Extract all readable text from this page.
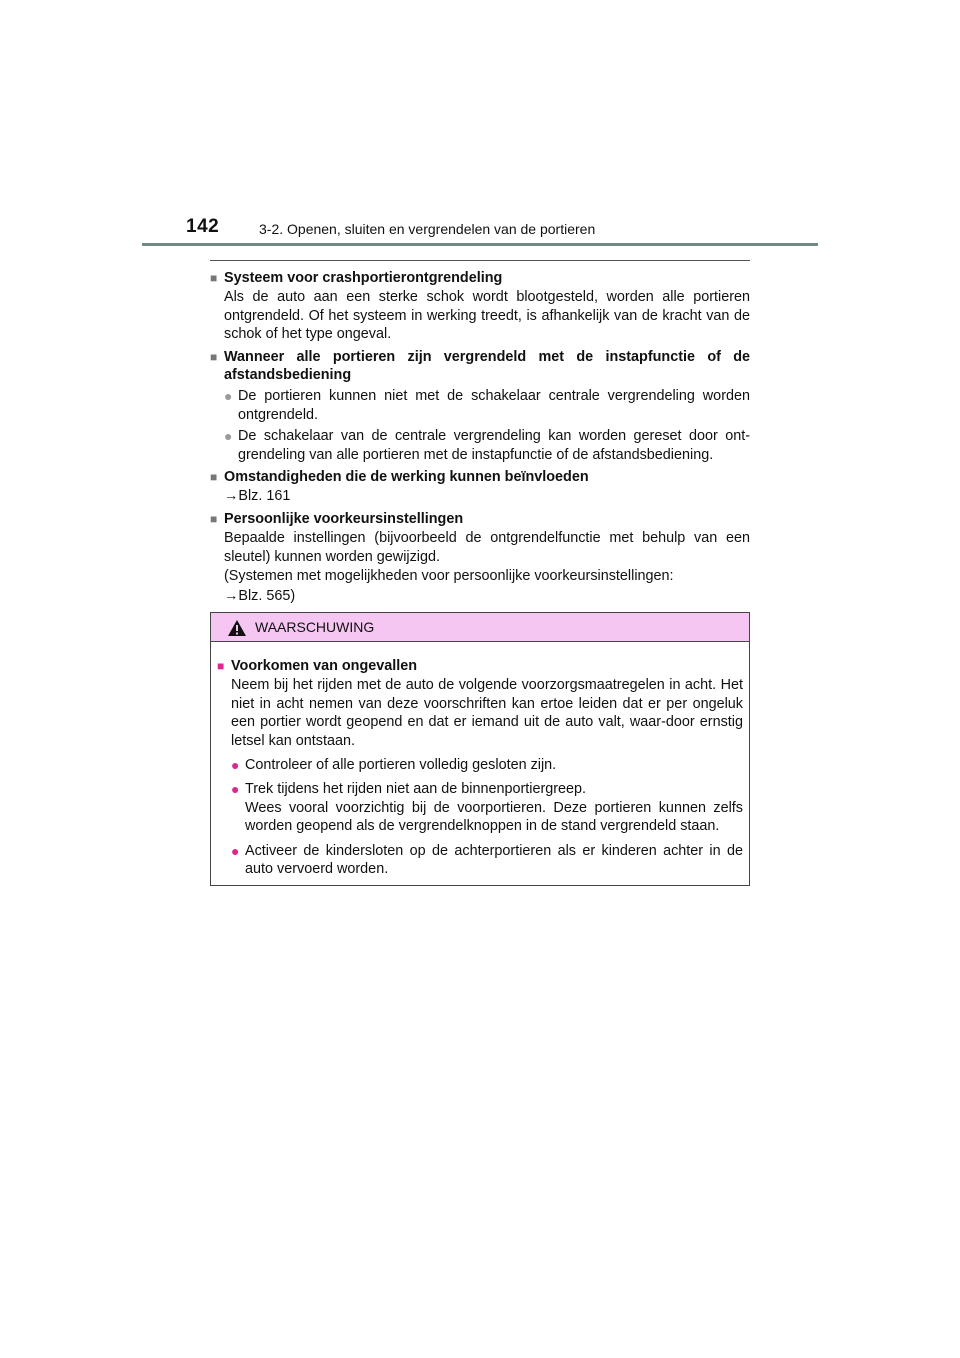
142	3-2. Openen, sluiten en vergrendelen van de portieren
■ Systeem voor crashportierontgrendeling
Als de auto aan een sterke schok wordt blootgesteld, worden alle portieren ontgrendeld. Of het systeem in werking treedt, is afhankelijk van de kracht van de schok of het type ongeval.
■ Wanneer alle portieren zijn vergrendeld met de instapfunctie of de afstandsbediening
● De portieren kunnen niet met de schakelaar centrale vergrendeling worden ontgrendeld.
● De schakelaar van de centrale vergrendeling kan worden gereset door ont-grendeling van alle portieren met de instapfunctie of de afstandsbediening.
■ Omstandigheden die de werking kunnen beïnvloeden
→Blz. 161
■ Persoonlijke voorkeursinstellingen
Bepaalde instellingen (bijvoorbeeld de ontgrendelfunctie met behulp van een sleutel) kunnen worden gewijzigd.
(Systemen met mogelijkheden voor persoonlijke voorkeursinstellingen:
→Blz. 565)
WAARSCHUWING
■ Voorkomen van ongevallen
Neem bij het rijden met de auto de volgende voorzorgsmaatregelen in acht. Het niet in acht nemen van deze voorschriften kan ertoe leiden dat er per ongeluk een portier wordt geopend en dat er iemand uit de auto valt, waar-door ernstig letsel kan ontstaan.
● Controleer of alle portieren volledig gesloten zijn.
● Trek tijdens het rijden niet aan de binnenportiergreep.
Wees vooral voorzichtig bij de voorportieren. Deze portieren kunnen zelfs worden geopend als de vergrendelknoppen in de stand vergrendeld staan.
● Activeer de kindersloten op de achterportieren als er kinderen achter in de auto vervoerd worden.
